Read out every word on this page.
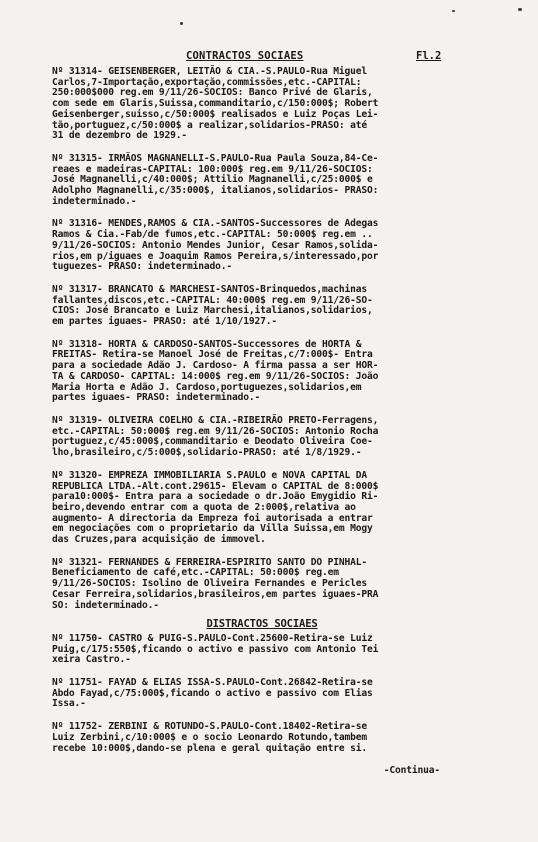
CONTRACTOS SOCIAES	Fl.2
Nº 31314- GEISENBERGER, LEITÃO & CIA.-S.PAULO-Rua Miguel
Carlos,7-Importação,exportação,commissões,etc.-CAPITAL:
250:000$000 reg.em 9/11/26-SOCIOS: Banco Privé de Glaris,
com sede em Glaris,Suissa,commanditario,c/150:000$; Robert
Geisenberger,suisso,c/50:000$ realisados e Luiz Poças Lei-
tão,portuguez,c/50:000$ a realizar,solidarios-PRASO: até
31 de dezembro de 1929.-
Nº 31315- IRMÃOS MAGNANELLI-S.PAULO-Rua Paula Souza,84-Ce-
reaes e madeiras-CAPITAL: 100:000$ reg.em 9/11/26-SOCIOS:
José Magnanelli,c/40:000$; Attilio Magnanelli,c/25:000$ e
Adolpho Magnanelli,c/35:000$, italianos,solidarios- PRASO:
indeterminado.-
Nº 31316- MENDES,RAMOS & CIA.-SANTOS-Successores de Adegas
Ramos & Cia.-Fab/de fumos,etc.-CAPITAL: 50:000$ reg.em ..
9/11/26-SOCIOS: Antonio Mendes Junior, Cesar Ramos,solida-
rios,em p/iguaes e Joaquim Ramos Pereira,s/interessado,por
tuguezes- PRASO: indeterminado.-
Nº 31317- BRANCATO & MARCHESI-SANTOS-Brinquedos,machinas
fallantes,discos,etc.-CAPITAL: 40:000$ reg.em 9/11/26-SO-
CIOS: José Brancato e Luiz Marchesi,italianos,solidarios,
em partes iguaes- PRASO: até 1/10/1927.-
Nº 31318- HORTA & CARDOSO-SANTOS-Successores de HORTA &
FREITAS- Retira-se Manoel José de Freitas,c/7:000$- Entra
para a sociedade Adão J. Cardoso- A firma passa a ser HOR-
TA & CARDOSO- CAPITAL: 14:000$ reg.em 9/11/26-SOCIOS: João
Maria Horta e Adão J. Cardoso,portuguezes,solidarios,em
partes iguaes- PRASO: indeterminado.-
Nº 31319- OLIVEIRA COELHO & CIA.-RIBEIRÃO PRETO-Ferragens,
etc.-CAPITAL: 50:000$ reg.em 9/11/26-SOCIOS: Antonio Rocha
portuguez,c/45:000$,commanditario e Deodato Oliveira Coe-
lho,brasileiro,c/5:000$,solidario-PRASO: até 1/8/1929.-
Nº 31320- EMPREZA IMMOBILIARIA S.PAULO e NOVA CAPITAL DA
REPUBLICA LTDA.-Alt.cont.29615- Elevam o CAPITAL de 8:000$
para10:000$- Entra para a sociedade o dr.João Emygidio Ri-
beiro,devendo entrar com a quota de 2:000$,relativa ao
augmento- A directoria da Empreza foi autorisada a entrar
em negociações com o proprietario da Villa Suissa,em Mogy
das Cruzes,para acquisição de immovel.
Nº 31321- FERNANDES & FERREIRA-ESPIRITO SANTO DO PINHAL-
Beneficiamento de café,etc.-CAPITAL: 50:000$ reg.em
9/11/26-SOCIOS: Isolino de Oliveira Fernandes e Pericles
Cesar Ferreira,solidarios,brasileiros,em partes iguaes-PRA
SO: indeterminado.-
DISTRACTOS SOCIAES
Nº 11750- CASTRO & PUIG-S.PAULO-Cont.25600-Retira-se Luiz
Puig,c/175:550$,ficando o activo e passivo com Antonio Tei
xeira Castro.-
Nº 11751- FAYAD & ELIAS ISSA-S.PAULO-Cont.26842-Retira-se
Abdo Fayad,c/75:000$,ficando o activo e passivo com Elias
Issa.-
Nº 11752- ZERBINI & ROTUNDO-S.PAULO-Cont.18402-Retira-se
Luiz Zerbini,c/10:000$ e o socio Leonardo Rotundo,tambem
recebe 10:000$,dando-se plena e geral quitação entre si.
-Continua-
